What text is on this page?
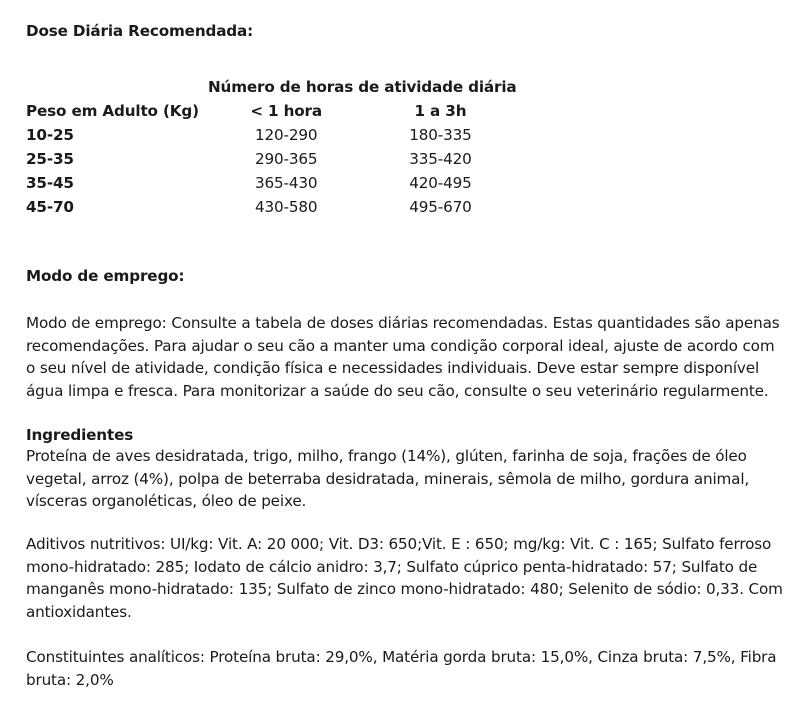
Dose Diária Recomendada:
	Número de horas de atividade diária	
Peso em Adulto (Kg)	< 1 hora	1 a 3h
10-25	120-290	180-335
25-35	290-365	335-420
35-45	365-430	420-495
45-70	430-580	495-670
Modo de emprego:

Modo de emprego: Consulte a tabela de doses diárias recomendadas. Estas quantidades são apenas recomendações. Para ajudar o seu cão a manter uma condição corporal ideal, ajuste de acordo com o seu nível de atividade, condição física e necessidades individuais. Deve estar sempre disponível água limpa e fresca. Para monitorizar a saúde do seu cão, consulte o seu veterinário regularmente.

Ingredientes

Proteína de aves desidratada, trigo, milho, frango (14%), glúten, farinha de soja, frações de óleo vegetal, arroz (4%), polpa de beterraba desidratada, minerais, sêmola de milho, gordura animal, vísceras organoléticas, óleo de peixe.

Aditivos nutritivos: UI/kg: Vit. A: 20 000; Vit. D3: 650;Vit. E : 650; mg/kg: Vit. C : 165; Sulfato ferroso mono-hidratado: 285; Iodato de cálcio anidro: 3,7; Sulfato cúprico penta-hidratado: 57; Sulfato de manganês mono-hidratado: 135; Sulfato de zinco mono-hidratado: 480; Selenito de sódio: 0,33. Com antioxidantes.

Constituintes analíticos: Proteína bruta: 29,0%, Matéria gorda bruta: 15,0%, Cinza bruta: 7,5%, Fibra bruta: 2,0%
